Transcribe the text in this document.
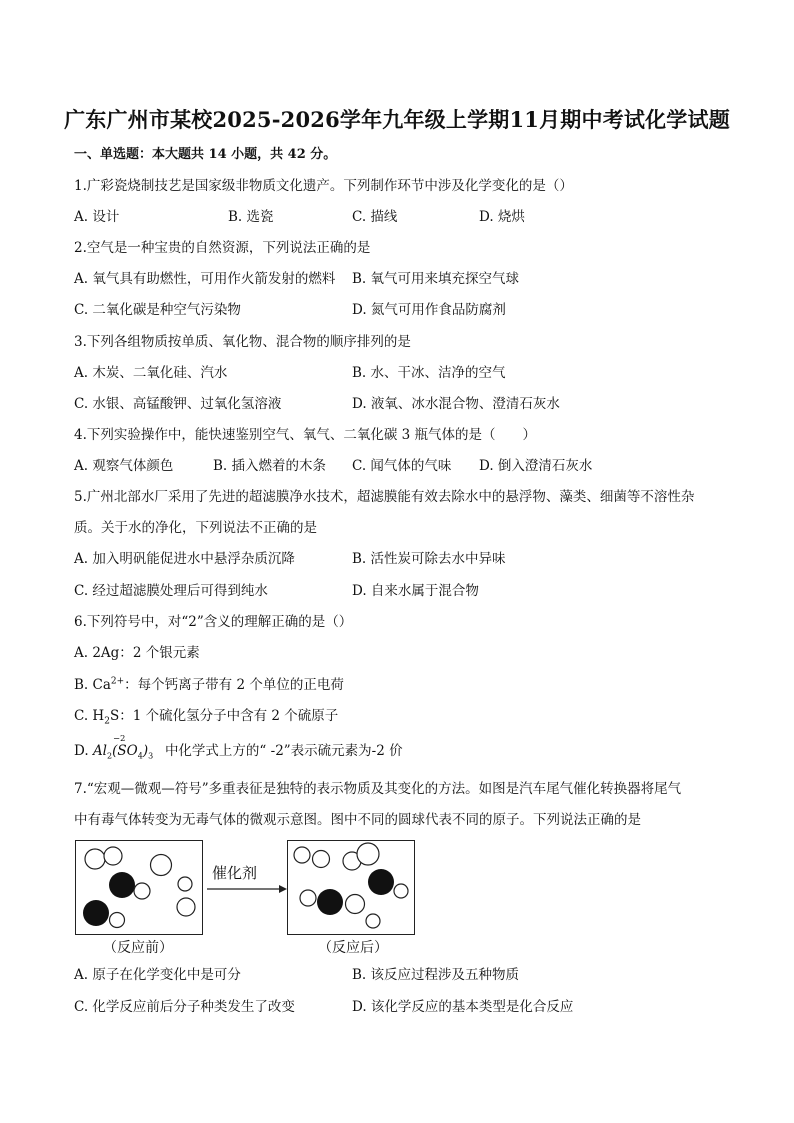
广东广州市某校2025-2026学年九年级上学期11月期中考试化学试题
一、单选题：本大题共 14 小题，共 42 分。
1.广彩瓷烧制技艺是国家级非物质文化遗产。下列制作环节中涉及化学变化的是（）
A. 设计	B. 选瓷	C. 描线	D. 烧烘
2.空气是一种宝贵的自然资源，下列说法正确的是
A. 氧气具有助燃性，可用作火箭发射的燃料 B. 氧气可用来填充探空气球
C. 二氧化碳是种空气污染物	D. 氮气可用作食品防腐剂
3.下列各组物质按单质、氧化物、混合物的顺序排列的是
A. 木炭、二氧化硅、汽水	B. 水、干冰、洁净的空气
C. 水银、高锰酸钾、过氧化氢溶液	D. 液氧、冰水混合物、澄清石灰水
4.下列实验操作中，能快速鉴别空气、氧气、二氧化碳 3 瓶气体的是（　　）
A. 观察气体颜色	B. 插入燃着的木条 C. 闻气体的气味 D. 倒入澄清石灰水
5.广州北部水厂采用了先进的超滤膜净水技术，超滤膜能有效去除水中的悬浮物、藻类、细菌等不溶性杂
质。关于水的净化，下列说法不正确的是
A. 加入明矾能促进水中悬浮杂质沉降	B. 活性炭可除去水中异味
C. 经过超滤膜处理后可得到纯水	D. 自来水属于混合物
6.下列符号中，对“2”含义的理解正确的是（）
A. 2Ag：2 个银元素
B. $Ca^{2+}$：每个钙离子带有 2 个单位的正电荷
C. $H_2S$：1 个硫化氢分子中含有 2 个硫原子
D.
−2
$Al_2(SO_4)_3$ 中化学式上方的“ -2”表示硫元素为-2 价
7.“宏观—微观—符号”多重表征是独特的表示物质及其变化的方法。如图是汽车尾气催化转换器将尾气
中有毒气体转变为无毒气体的微观示意图。图中不同的圆球代表不同的原子。下列说法正确的是
催化剂
（反应前）	（反应后）
A. 原子在化学变化中是可分	B. 该反应过程涉及五种物质
C. 化学反应前后分子种类发生了改变	D. 该化学反应的基本类型是化合反应
